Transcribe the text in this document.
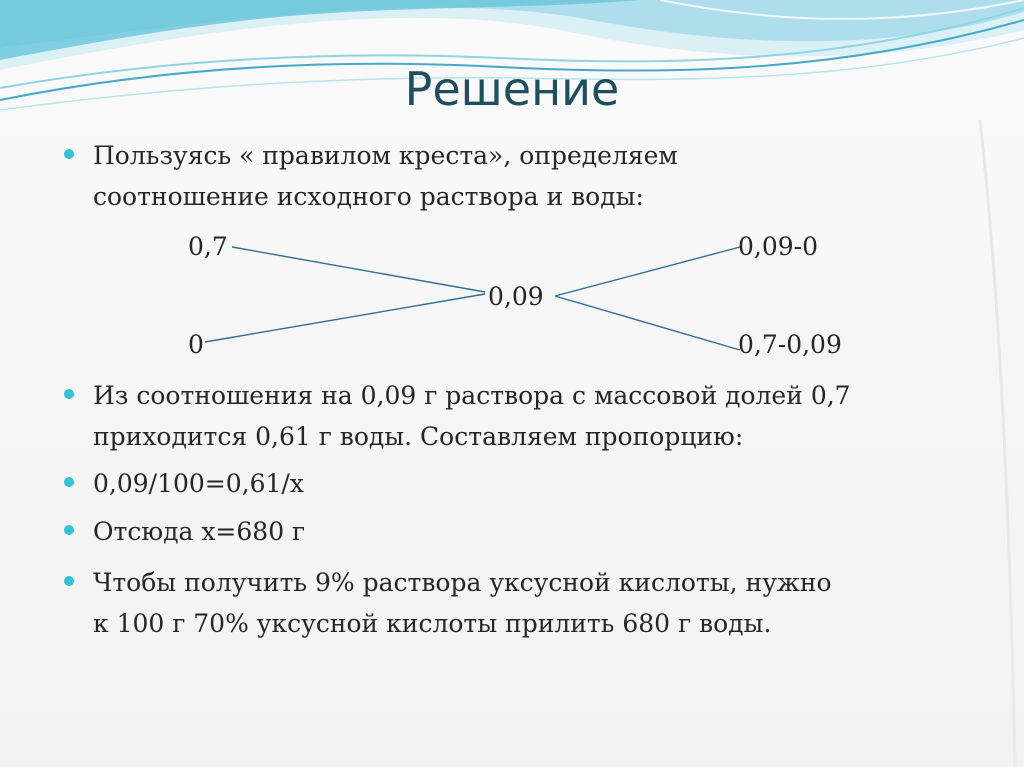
Решение
Пользуясь « правилом креста», определяем
соотношение исходного раствора и воды:
0,7
0
0,09
0,09-0
0,7-0,09
Из соотношения на 0,09 г раствора с массовой долей 0,7
приходится 0,61 г воды. Составляем пропорцию:
0,09/100=0,61/х
Отсюда х=680 г
Чтобы получить 9% раствора уксусной кислоты, нужно
к 100 г 70% уксусной кислоты прилить 680 г воды.
